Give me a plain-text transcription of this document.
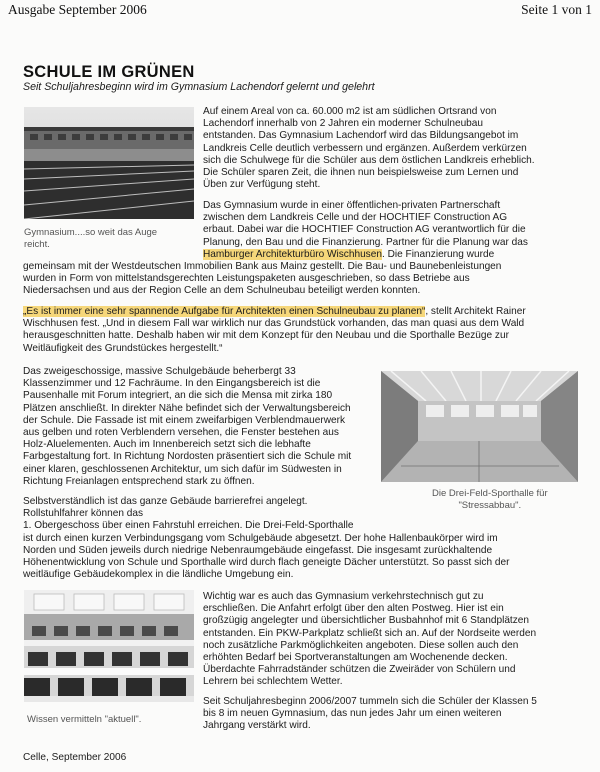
Ausgabe September 2006	Seite 1 von 1
SCHULE IM GRÜNEN
Seit Schuljahresbeginn wird im Gymnasium Lachendorf gelernt und gelehrt
Gymnasium....so weit das Auge
reicht.
Auf einem Areal von ca. 60.000 m2 ist am südlichen Ortsrand von
Lachendorf innerhalb von 2 Jahren ein moderner Schulneubau
entstanden. Das Gymnasium Lachendorf wird das Bildungsangebot im
Landkreis Celle deutlich verbessern und ergänzen. Außerdem verkürzen
sich die Schulwege für die Schüler aus dem östlichen Landkreis erheblich.
Die Schüler sparen Zeit, die ihnen nun beispielsweise zum Lernen und
Üben zur Verfügung steht.
Das Gymnasium wurde in einer öffentlichen-privaten Partnerschaft
zwischen dem Landkreis Celle und der HOCHTIEF Construction AG
erbaut. Dabei war die HOCHTIEF Construction AG verantwortlich für die
Planung, den Bau und die Finanzierung. Partner für die Planung war das
Hamburger Architekturbüro Wischhusen. Die Finanzierung wurde
gemeinsam mit der Westdeutschen Immobilien Bank aus Mainz gestellt. Die Bau- und Baunebenleistungen
wurden in Form von mittelstandsgerechten Leistungspaketen ausgeschrieben, so dass Betriebe aus
Niedersachsen und aus der Region Celle an dem Schulneubau beteiligt werden konnten.
„Es ist immer eine sehr spannende Aufgabe für Architekten einen Schulneubau zu planen“, stellt Architekt Rainer
Wischhusen fest. „Und in diesem Fall war wirklich nur das Grundstück vorhanden, das man quasi aus dem Wald
herausgeschnitten hatte. Deshalb haben wir mit dem Konzept für den Neubau und die Sporthalle Bezüge zur
Weitläufigkeit des Grundstückes hergestellt.“
Das zweigeschossige, massive Schulgebäude beherbergt 33
Klassenzimmer und 12 Fachräume. In den Eingangsbereich ist die
Pausenhalle mit Forum integriert, an die sich die Mensa mit zirka 180
Plätzen anschließt. In direkter Nähe befindet sich der Verwaltungsbereich
der Schule. Die Fassade ist mit einem zweifarbigen Verblendmauerwerk
aus gelben und roten Verblendern versehen, die Fenster bestehen aus
Holz-Aluelementen. Auch im Innenbereich setzt sich die lebhafte
Farbgestaltung fort. In Richtung Nordosten präsentiert sich die Schule mit
einer klaren, geschlossenen Architektur, um sich dafür im Südwesten in
Richtung Freianlagen entsprechend stark zu öffnen.
Die Drei-Feld-Sporthalle für
"Stressabbau".
Selbstverständlich ist das ganze Gebäude barrierefrei angelegt.
Rollstuhlfahrer können das
1. Obergeschoss über einen Fahrstuhl erreichen. Die Drei-Feld-Sporthalle
ist durch einen kurzen Verbindungsgang vom Schulgebäude abgesetzt. Der hohe Hallenbaukörper wird im
Norden und Süden jeweils durch niedrige Nebenraumgebäude eingefasst. Die insgesamt zurückhaltende
Höhenentwicklung von Schule und Sporthalle wird durch flach geneigte Dächer unterstützt. So passt sich der
weitläufige Gebäudekomplex in die ländliche Umgebung ein.
Wissen vermitteln "aktuell".
Wichtig war es auch das Gymnasium verkehrstechnisch gut zu
erschließen. Die Anfahrt erfolgt über den alten Postweg. Hier ist ein
großzügig angelegter und übersichtlicher Busbahnhof mit 6 Standplätzen
entstanden. Ein PKW-Parkplatz schließt sich an. Auf der Nordseite werden
noch zusätzliche Parkmöglichkeiten angeboten. Diese sollen auch den
erhöhten Bedarf bei Sportveranstaltungen am Wochenende decken.
Überdachte Fahrradständer schützen die Zweiräder von Schülern und
Lehrern bei schlechtem Wetter.
Seit Schuljahresbeginn 2006/2007 tummeln sich die Schüler der Klassen 5
bis 8 im neuen Gymnasium, das nun jedes Jahr um einen weiteren
Jahrgang verstärkt wird.
Celle, September 2006
